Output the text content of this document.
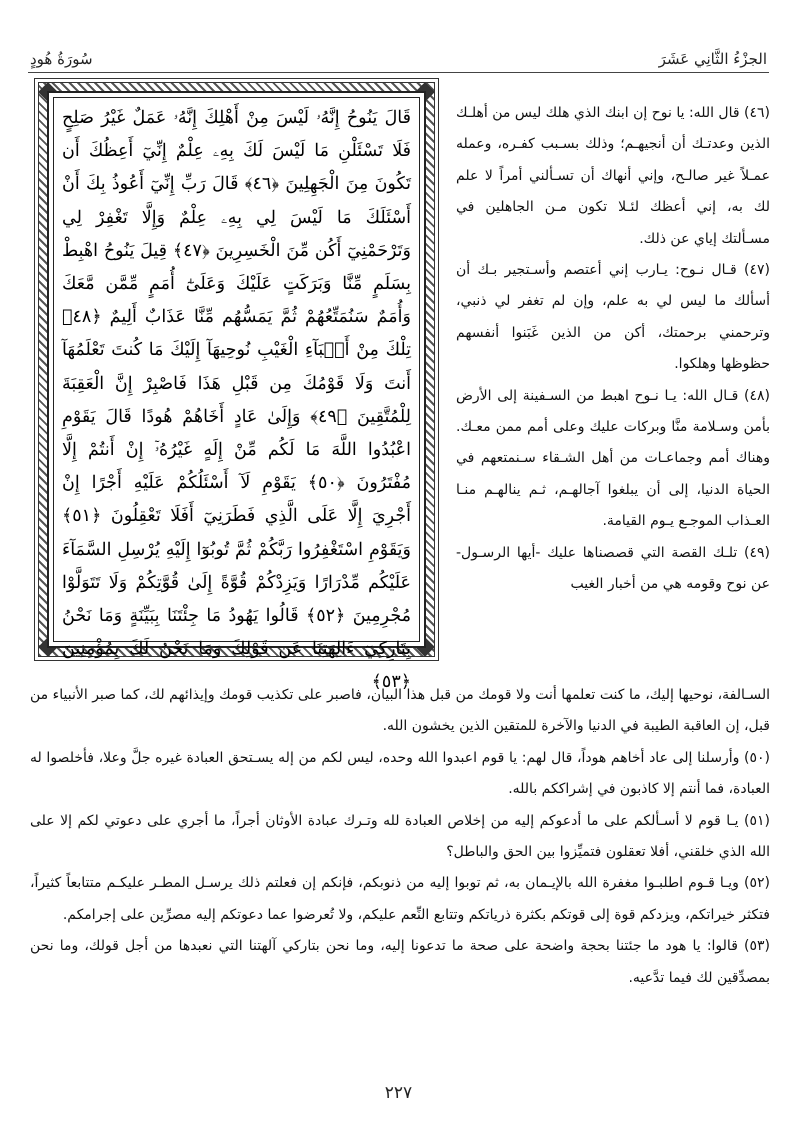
الجزْءُ الثَّانِي عَشَرَ
سُورَةُ هُودٍ
قَالَ يَنُوحُ إِنَّهُۥ لَيْسَ مِنْ أَهْلِكَ إِنَّهُۥ عَمَلٌ غَيْرُ صَلِحٍ فَلَا تَسْئَلْنِ مَا لَيْسَ لَكَ بِهِۦ عِلْمٌ إِنِّيٓ أَعِظُكَ أَن تَكُونَ مِنَ الْجَهِلِينَ ﴿٤٦﴾ قَالَ رَبِّ إِنِّيٓ أَعُوذُ بِكَ أَنْ أَسْئَلَكَ مَا لَيْسَ لِي بِهِۦ عِلْمٌ وَإِلَّا تَغْفِرْ لِي وَتَرْحَمْنِيٓ أَكُن مِّنَ الْخَسِرِينَ ﴿٤٧﴾ قِيلَ يَنُوحُ اهْبِطْ بِسَلَمٍ مِّنَّا وَبَرَكَتٍ عَلَيْكَ وَعَلَىٰٓ أُمَمٍ مِّمَّن مَّعَكَ وَأُمَمٌ سَنُمَتِّعُهُمْ ثُمَّ يَمَسُّهُم مِّنَّا عَذَابٌ أَلِيمٌ ﴿٤٨﴾ تِلْكَ مِنْ أَنۢبَآءِ الْغَيْبِ نُوحِيهَآ إِلَيْكَ مَا كُنتَ تَعْلَمُهَآ أَنتَ وَلَا قَوْمُكَ مِن قَبْلِ هَذَا فَاصْبِرْ إِنَّ الْعَقِبَةَ لِلْمُتَّقِينَ ﴿٤٩﴾ وَإِلَىٰ عَادٍ أَخَاهُمْ هُودًا قَالَ يَقَوْمِ اعْبُدُوا اللَّهَ مَا لَكُم مِّنْ إِلَهٍ غَيْرُهُۥٓ إِنْ أَنتُمْ إِلَّا مُفْتَرُونَ ﴿٥٠﴾ يَقَوْمِ لَآ أَسْئَلُكُمْ عَلَيْهِ أَجْرًا إِنْ أَجْرِيَ إِلَّا عَلَى الَّذِي فَطَرَنِيٓ أَفَلَا تَعْقِلُونَ ﴿٥١﴾ وَيَقَوْمِ اسْتَغْفِرُوا رَبَّكُمْ ثُمَّ تُوبُوٓا إِلَيْهِ يُرْسِلِ السَّمَآءَ عَلَيْكُم مِّدْرَارًا وَيَزِدْكُمْ قُوَّةً إِلَىٰ قُوَّتِكُمْ وَلَا تَتَوَلَّوْا مُجْرِمِينَ ﴿٥٢﴾ قَالُوا يَهُودُ مَا جِئْتَنَا بِبَيِّنَةٍ وَمَا نَحْنُ بِتَارِكِيٓ ءَالِهَتِنَا عَن قَوْلِكَ وَمَا نَحْنُ لَكَ بِمُؤْمِنِينَ ﴿٥٣﴾

(٤٦) قال الله: يا نوح إن ابنك الذي هلك ليس من أهلـك الذين وعدتـك أن أنجيهـم؛ وذلك بسـبب كفـره، وعمله عمـلاً غير صالـح، وإني أنهاك أن تسـألني أمراً لا علم لك به، إني أعظك لئـلا تكون مـن الجاهلين في مسـألتك إياي عن ذلك.

(٤٧) قـال نـوح: يـارب إني أعتصم وأسـتجير بـك أن أسألك ما ليس لي به علم، وإن لم تغفر لي ذنبي، وترحمني برحمتك، أكن من الذين غَبَنوا أنفسهم حظوظها وهلكوا.

(٤٨) قـال الله: يـا نـوح اهبط من السـفينة إلى الأرض بأمن وسـلامة منَّا وبركات عليك وعلى أمم ممن معـك. وهناك أمم وجماعـات من أهل الشـقاء سـنمتعهم في الحياة الدنيا، إلى أن يبلغوا آجالهـم، ثـم ينالهـم منـا العـذاب الموجـع يـوم القيامة.

(٤٩) تلـك القصة التي قصصناها عليك -أيها الرسـول- عن نوح وقومه هي من أخبار الغيب

السـالفة، نوحيها إليك، ما كنت تعلمها أنت ولا قومك من قبل هذا البيان، فاصبر على تكذيب قومك وإيذائهم لك، كما صبر الأنبياء من قبل، إن العاقبة الطيبة في الدنيا والآخرة للمتقين الذين يخشون الله.

(٥٠) وأرسلنا إلى عاد أخاهم هوداً، قال لهم: يا قوم اعبدوا الله وحده، ليس لكم من إله يسـتحق العبادة غيره جلَّ وعلا، فأخلصوا له العبادة، فما أنتم إلا كاذبون في إشراككم بالله.

(٥١) يـا قوم لا أسـألكم على ما أدعوكم إليه من إخلاص العبادة لله وتـرك عبادة الأوثان أجراً، ما أجري على دعوتي لكم إلا على الله الذي خلقني، أفلا تعقلون فتميِّزوا بين الحق والباطل؟

(٥٢) ويـا قـوم اطلبـوا مغفرة الله بالإيـمان به، ثم توبوا إليه من ذنوبكم، فإنكم إن فعلتم ذلك يرسـل المطـر عليكـم متتابعاً كثيراً، فتكثر خيراتكم، ويزدكم قوة إلى قوتكم بكثرة ذرياتكم وتتابع النِّعم عليكم، ولا تُعرضوا عما دعوتكم إليه مصرِّين على إجرامكم.

(٥٣) قالوا: يا هود ما جئتنا بحجة واضحة على صحة ما تدعونا إليه، وما نحن بتاركي آلهتنا التي نعبدها من أجل قولك، وما نحن بمصدِّقين لك فيما تدَّعيه.

٢٢٧
